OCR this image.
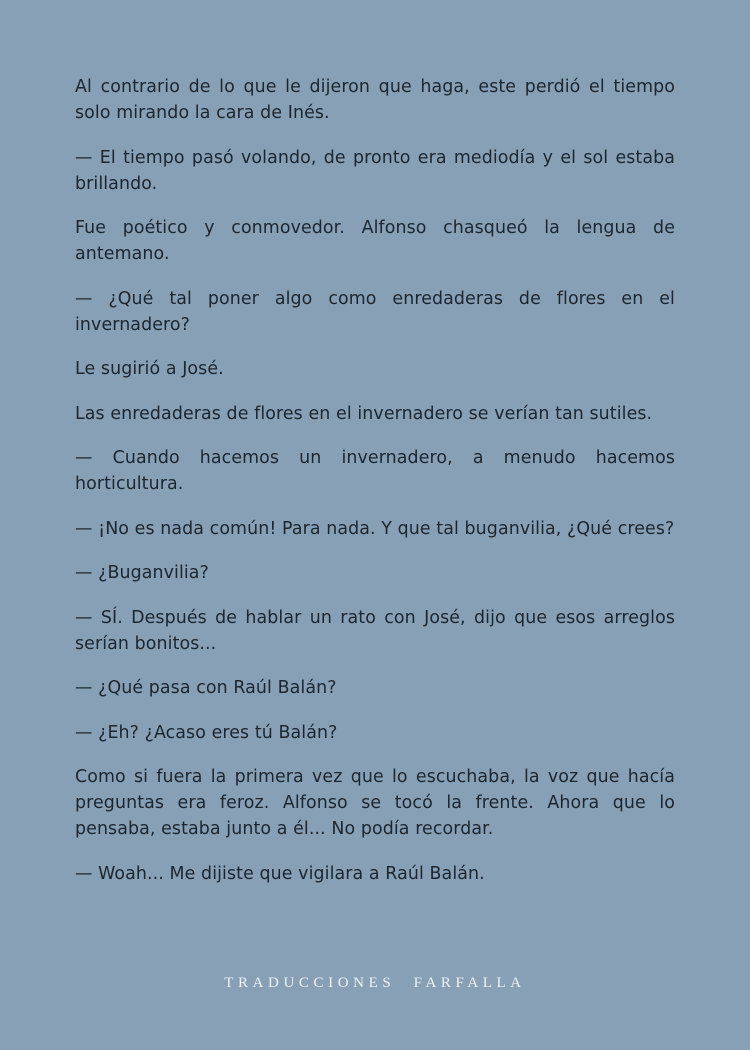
Al contrario de lo que le dijeron que haga, este perdió el tiempo solo mirando la cara de Inés.

— El tiempo pasó volando, de pronto era mediodía y el sol estaba brillando.

Fue poético y conmovedor. Alfonso chasqueó la lengua de antemano.

— ¿Qué tal poner algo como enredaderas de flores en el invernadero?

Le sugirió a José.

Las enredaderas de flores en el invernadero se verían tan sutiles.

— Cuando hacemos un invernadero, a menudo hacemos horticultura.

— ¡No es nada común! Para nada. Y que tal buganvilia, ¿Qué crees?

— ¿Buganvilia?

— SÍ. Después de hablar un rato con José, dijo que esos arreglos serían bonitos...

— ¿Qué pasa con Raúl Balán?

— ¿Eh? ¿Acaso eres tú Balán?

Como si fuera la primera vez que lo escuchaba, la voz que hacía preguntas era feroz. Alfonso se tocó la frente. Ahora que lo pensaba, estaba junto a él... No podía recordar.

— Woah... Me dijiste que vigilara a Raúl Balán.

TRADUCCIONES FARFALLA
